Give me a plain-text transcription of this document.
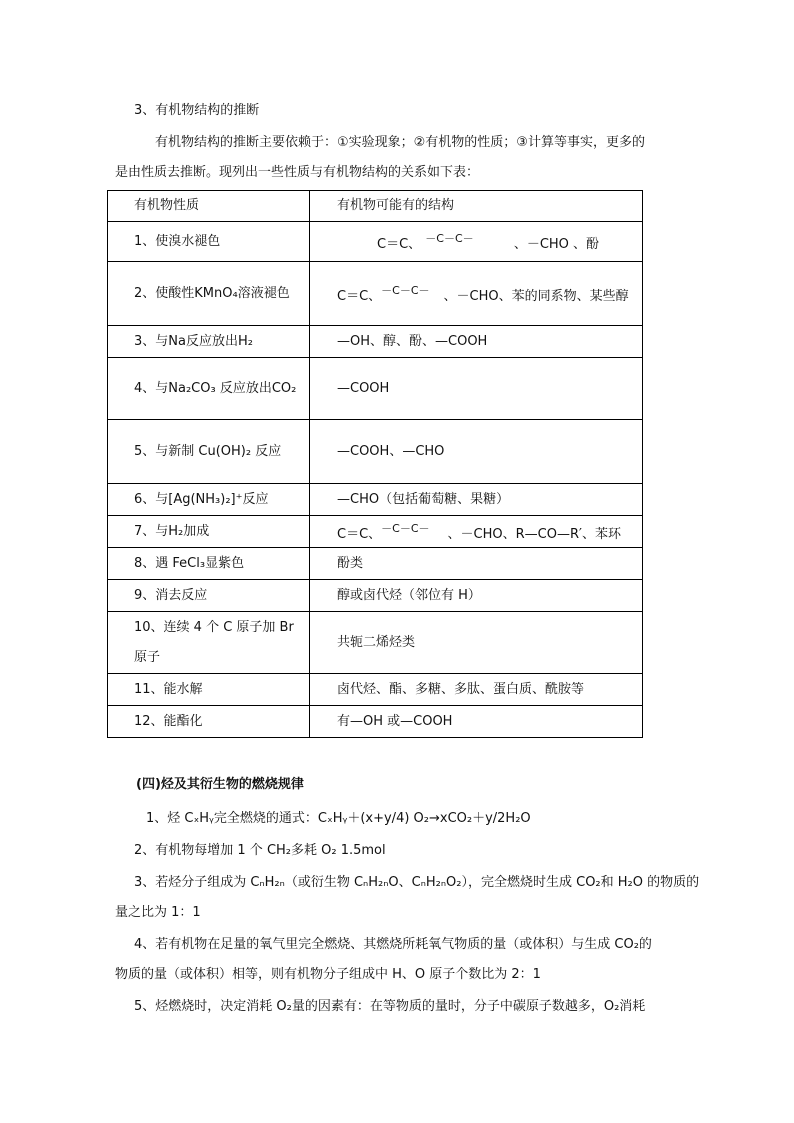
3、有机物结构的推断
有机物结构的推断主要依赖于：①实验现象；②有机物的性质；③计算等事实，更多的
是由性质去推断。现列出一些性质与有机物结构的关系如下表：
有机物性质	有机物可能有的结构
1、使溴水褪色	C＝C、 $^{-C-C-}$ 、－CHO 、酚
2、使酸性KMnO₄溶液褪色	C＝C、$^{-C-C-}$ 、－CHO、苯的同系物、某些醇
3、与Na反应放出H₂	—OH、醇、酚、—COOH
4、与Na₂CO₃ 反应放出CO₂	—COOH
5、与新制 Cu(OH)₂ 反应	—COOH、—CHO
6、与[Ag(NH₃)₂]⁺反应	—CHO（包括葡萄糖、果糖）
7、与H₂加成	C＝C、$^{-C-C-}$ 、－CHO、R—CO—R′、苯环
8、遇 FeCl₃显紫色	酚类
9、消去反应	醇或卤代烃（邻位有 H）
10、连续 4 个 C 原子加 Br 原子	共轭二烯烃类
11、能水解	卤代烃、酯、多糖、多肽、蛋白质、酰胺等
12、能酯化	有—OH 或—COOH
(四)烃及其衍生物的燃烧规律
1、烃 CₓHᵧ完全燃烧的通式：CₓHᵧ＋(x+y/4) O₂→xCO₂＋y/2H₂O
2、有机物每增加 1 个 CH₂多耗 O₂ 1.5mol
3、若烃分子组成为 CₙH₂ₙ（或衍生物 CₙH₂ₙO、CₙH₂ₙO₂），完全燃烧时生成 CO₂和 H₂O 的物质的
量之比为 1：1
4、若有机物在足量的氧气里完全燃烧、其燃烧所耗氧气物质的量（或体积）与生成 CO₂的
物质的量（或体积）相等，则有机物分子组成中 H、O 原子个数比为 2：1
5、烃燃烧时，决定消耗 O₂量的因素有：在等物质的量时，分子中碳原子数越多，O₂消耗
